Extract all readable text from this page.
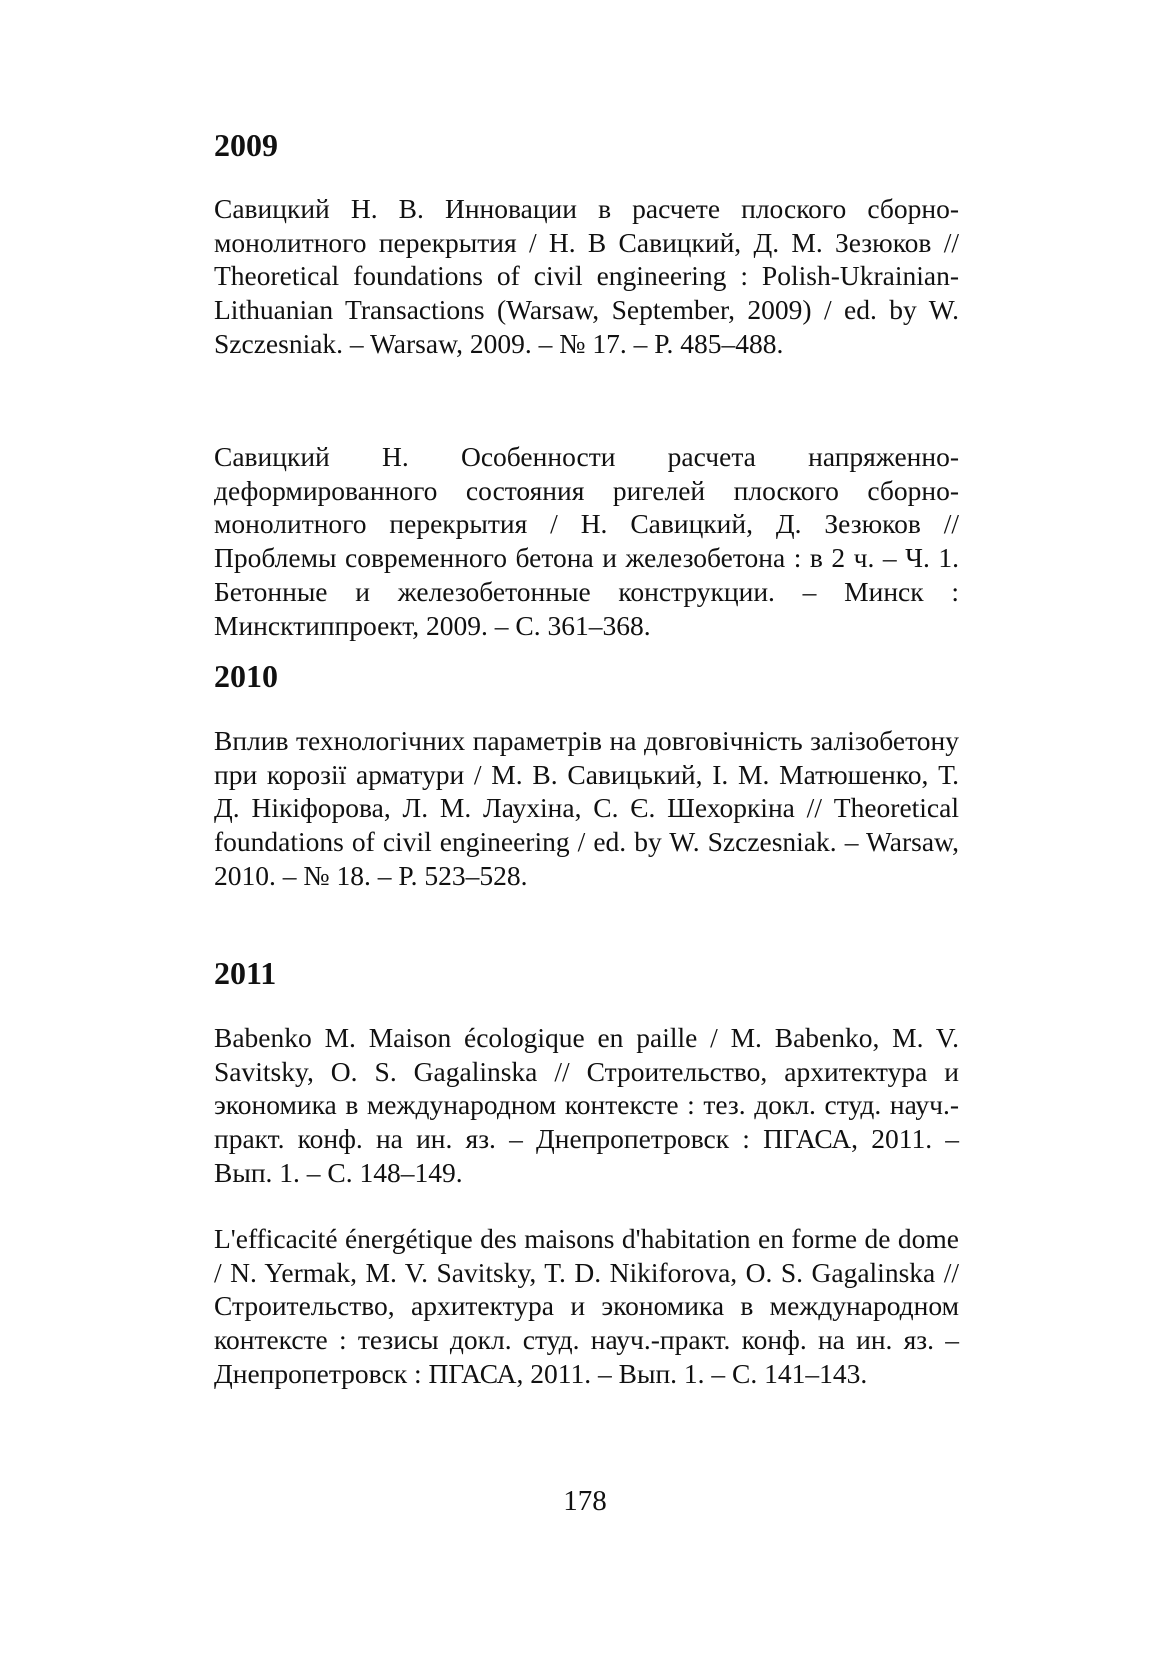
2009

Савицкий Н. В. Инновации в расчете плоского сборно-монолитного перекрытия / Н. В Савицкий, Д. М. Зезюков // Theoretical foundations of civil engineering : Polish-Ukrainian-Lithuanian Transactions (Warsaw, September, 2009) / ed. by W. Szczesniak. – Warsaw, 2009. – № 17. – P. 485–488.

Савицкий Н. Особенности расчета напряженно-деформированного состояния ригелей плоского сборно-монолитного перекрытия / Н. Савицкий, Д. Зезюков // Проблемы современного бетона и железобетона : в 2 ч. – Ч. 1. Бетонные и железобетонные конструкции. – Минск : Минсктиппроект, 2009. – С. 361–368.

2010

Вплив технологічних параметрів на довговічність залізобетону при корозії арматури / М. В. Савицький, І. М. Матюшенко, Т. Д. Нікіфорова, Л. М. Лаухіна, С. Є. Шехоркіна // Theoretical foundations of civil engineering / ed. by W. Szczesniak. – Warsaw, 2010. – № 18. – P. 523–528.

2011

Babenko M. Maison écologique en paille / M. Babenko, M. V. Savitsky, O. S. Gagalinska // Строительство, архитектура и экономика в международном контексте : тез. докл. студ. науч.-практ. конф. на ин. яз. – Днепропетровск : ПГАСА, 2011. – Вып. 1. – С. 148–149.

L'efficacité énergétique des maisons d'habitation en forme de dome / N. Yermak, M. V. Savitsky, T. D. Nikiforova, O. S. Gagalinska // Строительство, архитектура и экономика в международном контексте : тезисы докл. студ. науч.-практ. конф. на ин. яз. – Днепропетровск : ПГАСА, 2011. – Вып. 1. – С. 141–143.

178
